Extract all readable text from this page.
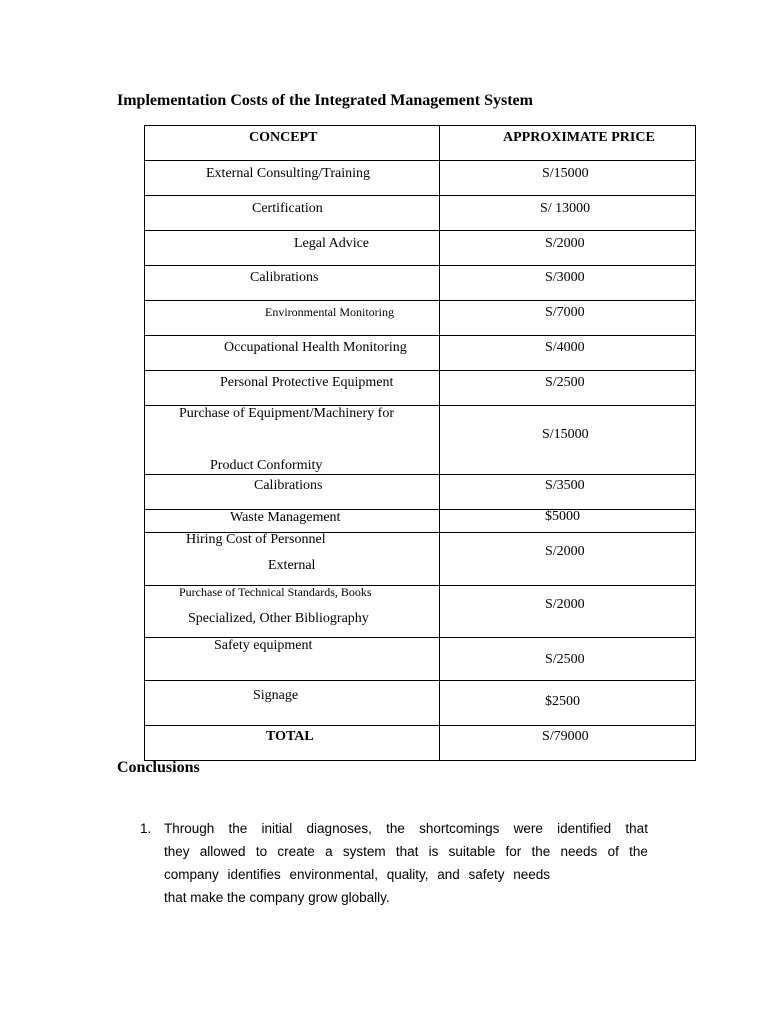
Implementation Costs of the Integrated Management System
CONCEPT	APPROXIMATE PRICE

External Consulting/Training	S/15000

Certification	S/ 13000

Legal Advice	S/2000

Calibrations	S/3000

Environmental Monitoring	S/7000

Occupational Health Monitoring	S/4000

Personal Protective Equipment	S/2500

Purchase of Equipment/Machinery for
Product Conformity	S/15000

Calibrations	S/3500

Waste Management	$5000

Hiring Cost of Personnel
External	S/2000

Purchase of Technical Standards, Books
Specialized, Other Bibliography	S/2000

Safety equipment	S/2500

Signage	$2500

TOTAL	S/79000
Conclusions
1. Through the initial diagnoses, the shortcomings were identified that
they allowed to create a system that is suitable for the needs of the
company identifies environmental, quality, and safety needs
that make the company grow globally.
